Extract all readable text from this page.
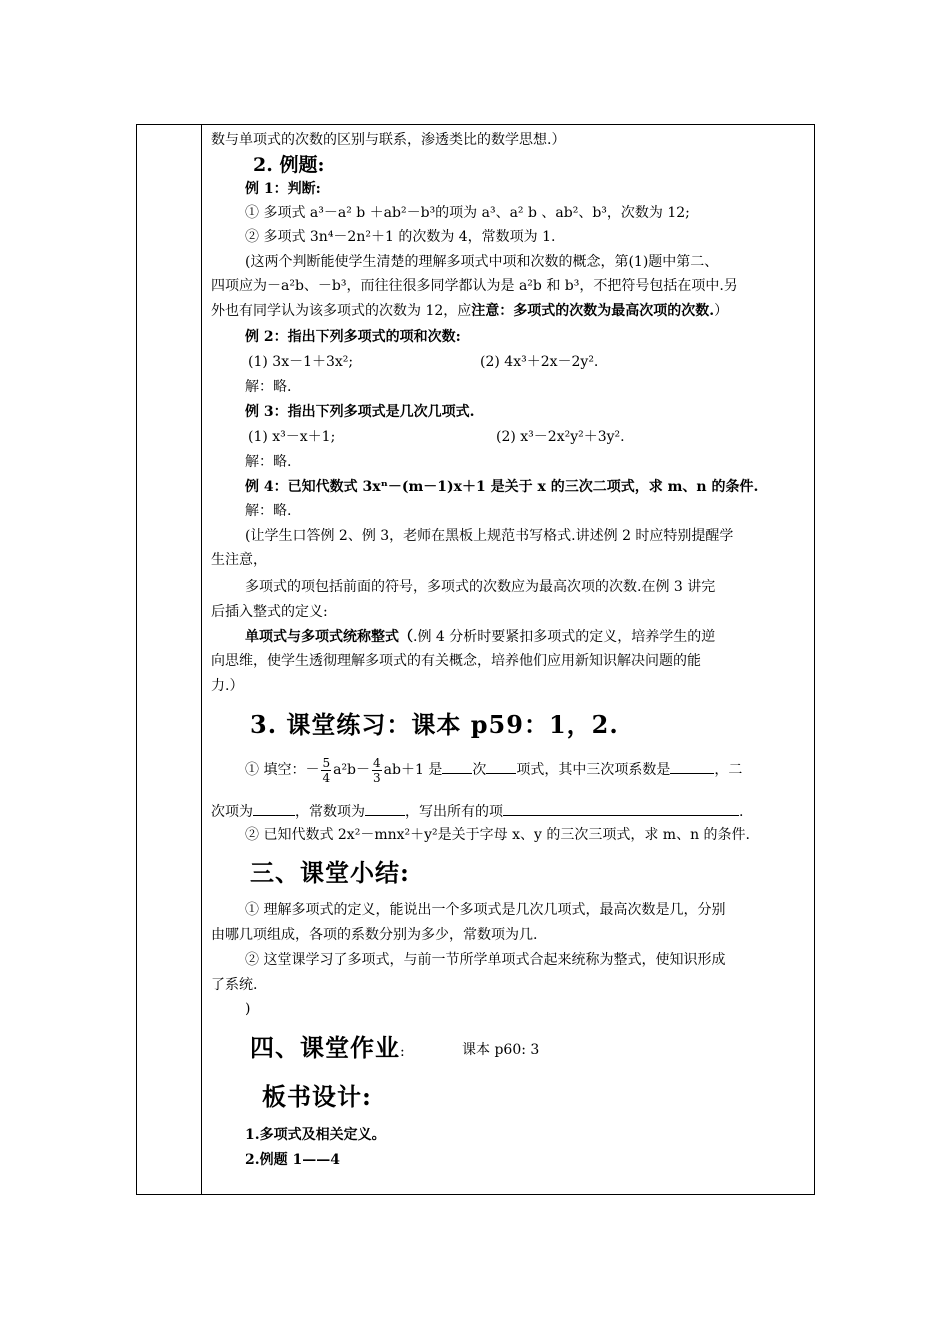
数与单项式的次数的区别与联系，渗透类比的数学思想.）
2. 例题:
例 1：判断:
① 多项式 a³－a² b ＋ab²－b³的项为 a³、a² b 、ab²、b³，次数为 12;
② 多项式 3n⁴－2n²＋1 的次数为 4，常数项为 1.
(这两个判断能使学生清楚的理解多项式中项和次数的概念，第(1)题中第二、
四项应为－a²b、－b³，而往往很多同学都认为是 a²b 和 b³，不把符号包括在项中.另
外也有同学认为该多项式的次数为 12，应注意：多项式的次数为最高次项的次数.）
例 2：指出下列多项式的项和次数:
(1) 3x－1＋3x²;	(2) 4x³＋2x－2y².
解：略.
例 3：指出下列多项式是几次几项式.
(1) x³－x＋1;	(2) x³－2x²y²＋3y².
解：略.
例 4：已知代数式 3xⁿ－(m－1)x＋1 是关于 x 的三次二项式，求 m、n 的条件.
解：略.
(让学生口答例 2、例 3，老师在黑板上规范书写格式.讲述例 2 时应特别提醒学
生注意，
多项式的项包括前面的符号，多项式的次数应为最高次项的次数.在例 3 讲完
后插入整式的定义:
单项式与多项式统称整式（.例 4 分析时要紧扣多项式的定义，培养学生的逆
向思维，使学生透彻理解多项式的有关概念，培养他们应用新知识解决问题的能
力.）
3. 课堂练习：课本 p59：1，2.
① 填空：－ $\frac{5}{4} a^2b- \frac{4}{3} ab+1$ 是 次 项式，其中三次项系数是	，二
次项为	，常数项为	，写出所有的项	.
② 已知代数式 2x²－mnx²＋y²是关于字母 x、y 的三次三项式，求 m、n 的条件.
三、课堂小结:
① 理解多项式的定义，能说出一个多项式是几次几项式，最高次数是几，分别
由哪几项组成，各项的系数分别为多少，常数项为几.
② 这堂课学习了多项式，与前一节所学单项式合起来统称为整式，使知识形成
了系统.
)
四、课堂作业:	课本 p60: 3
板书设计:
1.多项式及相关定义。
2.例题 1——4
